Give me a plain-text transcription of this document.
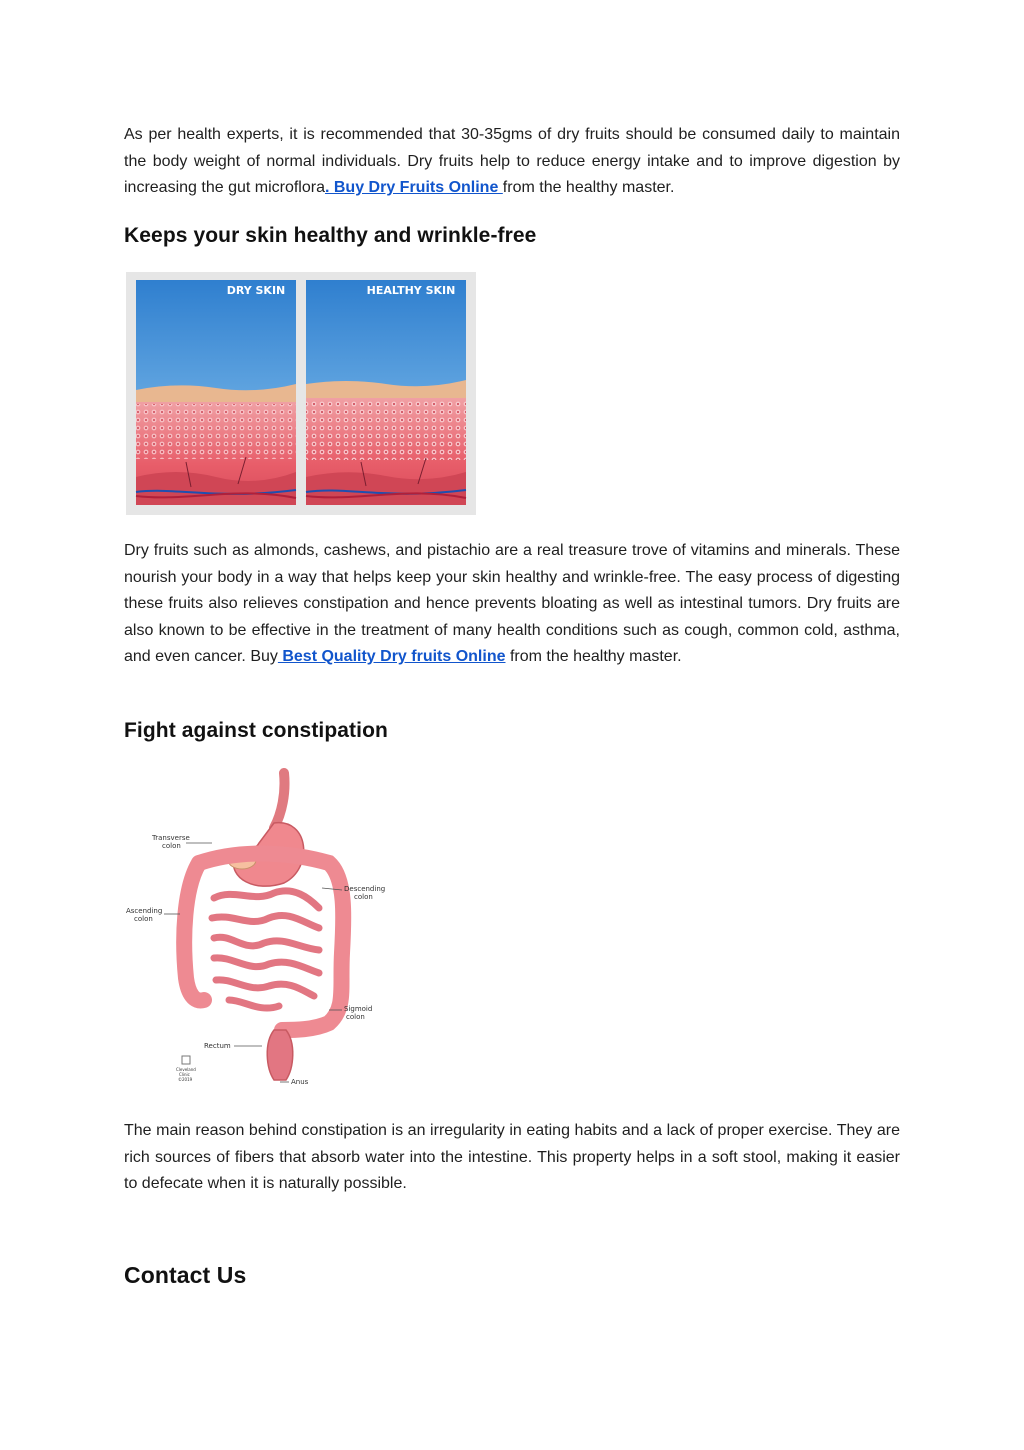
As per health experts, it is recommended that 30-35gms of dry fruits should be consumed daily to maintain the body weight of normal individuals. Dry fruits help to reduce energy intake and to improve digestion by increasing the gut microflora. Buy Dry Fruits Online from the healthy master.

Keeps your skin healthy and wrinkle-free
DRY SKIN	HEALTHY SKIN

Dry fruits such as almonds, cashews, and pistachio are a real treasure trove of vitamins and minerals. These nourish your body in a way that helps keep your skin healthy and wrinkle-free. The easy process of digesting these fruits also relieves constipation and hence prevents bloating as well as intestinal tumors. Dry fruits are also known to be effective in the treatment of many health conditions such as cough, common cold, asthma, and even cancer. Buy Best Quality Dry fruits Online from the healthy master.

Fight against constipation
Transverse
colon
Descending
colon
Ascending
colon
Sigmoid
colon
Rectum
Anus
Cleveland
Clinic
©2019

The main reason behind constipation is an irregularity in eating habits and a lack of proper exercise. They are rich sources of fibers that absorb water into the intestine. This property helps in a soft stool, making it easier to defecate when it is naturally possible.

Contact Us
